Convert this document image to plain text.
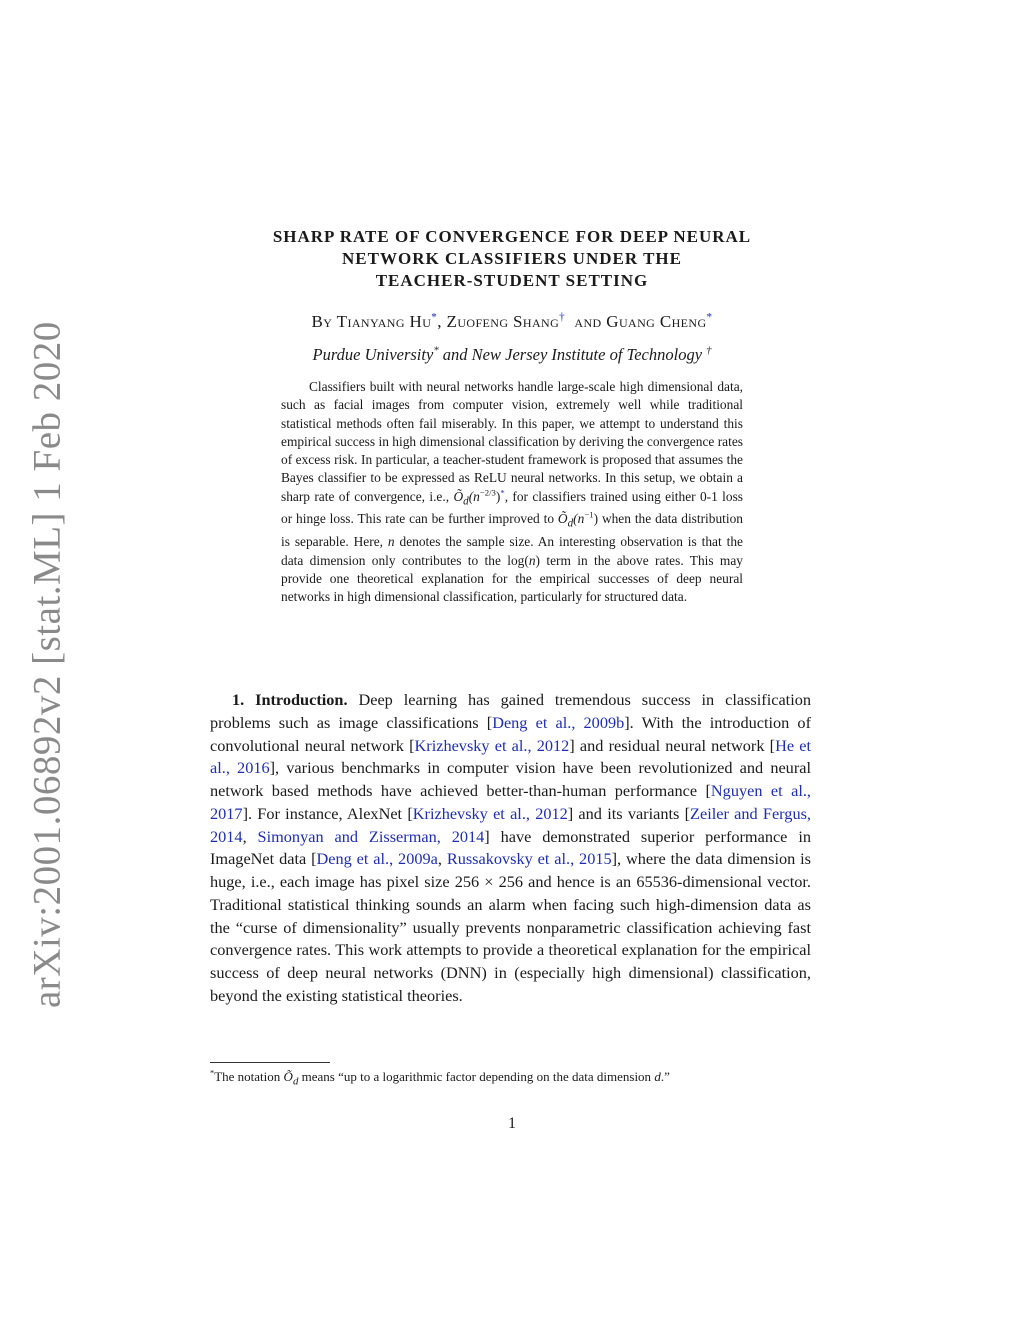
arXiv:2001.06892v2 [stat.ML] 1 Feb 2020
SHARP RATE OF CONVERGENCE FOR DEEP NEURAL
NETWORK CLASSIFIERS UNDER THE
TEACHER-STUDENT SETTING
By Tianyang Hu*, Zuofeng Shang† and Guang Cheng*
Purdue University* and New Jersey Institute of Technology †
Classifiers built with neural networks handle large-scale high dimensional data, such as facial images from computer vision, extremely well while traditional statistical methods often fail miserably. In this paper, we attempt to understand this empirical success in high dimensional classification by deriving the convergence rates of excess risk. In particular, a teacher-student framework is proposed that assumes the Bayes classifier to be expressed as ReLU neural networks. In this setup, we obtain a sharp rate of convergence, i.e., $Õ_d(n^{-2/3})^*$, for classifiers trained using either 0-1 loss or hinge loss. This rate can be further improved to $Õ_d(n^{-1})$ when the data distribution is separable. Here, n denotes the sample size. An interesting observation is that the data dimension only contributes to the log(n) term in the above rates. This may provide one theoretical explanation for the empirical successes of deep neural networks in high dimensional classification, particularly for structured data.
1. Introduction. Deep learning has gained tremendous success in classification problems such as image classifications [Deng et al., 2009b]. With the introduction of convolutional neural network [Krizhevsky et al., 2012] and residual neural network [He et al., 2016], various benchmarks in computer vision have been revolutionized and neural network based methods have achieved better-than-human performance [Nguyen et al., 2017]. For instance, AlexNet [Krizhevsky et al., 2012] and its variants [Zeiler and Fergus, 2014, Simonyan and Zisserman, 2014] have demonstrated superior performance in ImageNet data [Deng et al., 2009a, Russakovsky et al., 2015], where the data dimension is huge, i.e., each image has pixel size 256 × 256 and hence is an 65536-dimensional vector. Traditional statistical thinking sounds an alarm when facing such high-dimension data as the “curse of dimensionality” usually prevents nonparametric classification achieving fast convergence rates. This work attempts to provide a theoretical explanation for the empirical success of deep neural networks (DNN) in (especially high dimensional) classification, beyond the existing statistical theories.
*The notation $Õ_d$ means “up to a logarithmic factor depending on the data dimension d.”
1
